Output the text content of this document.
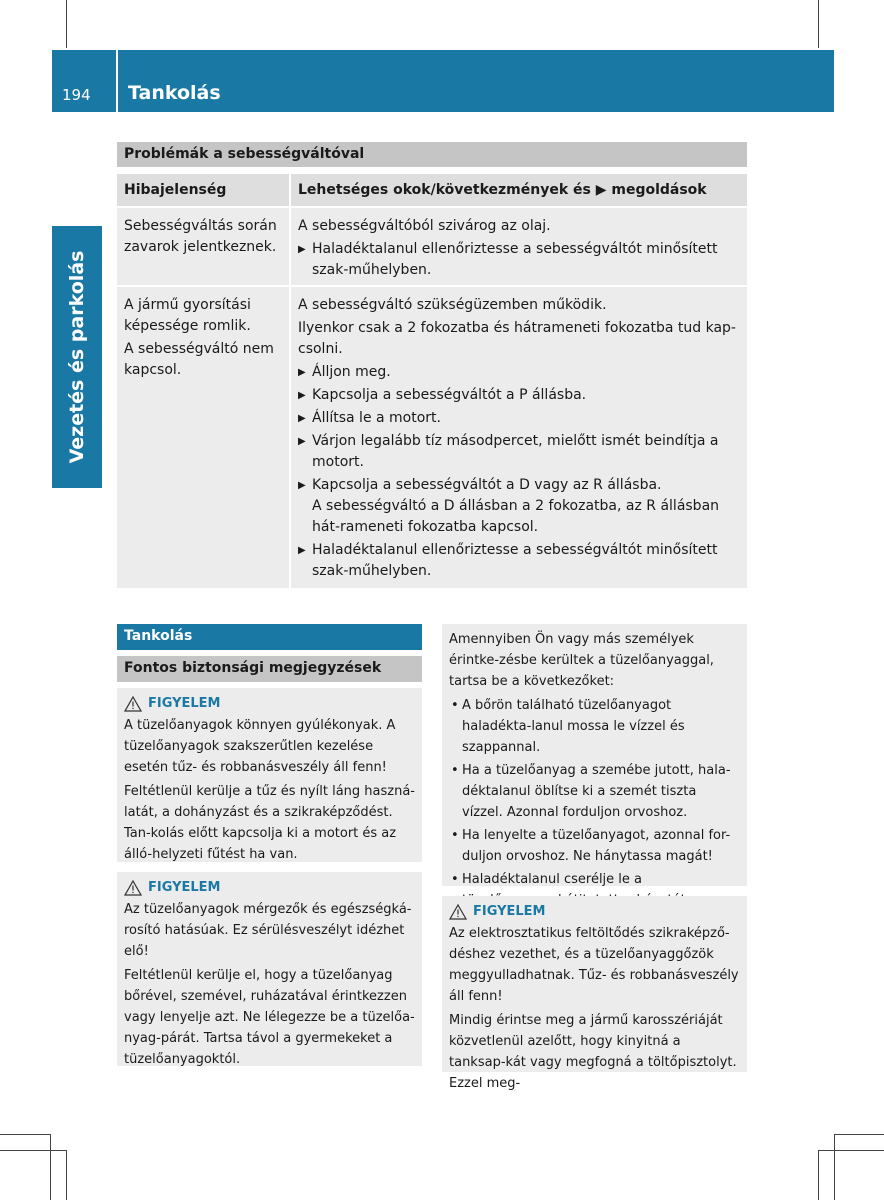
194 Tankolás
Vezetés és parkolás
Problémák a sebességváltóval
Hibajelenség	Lehetséges okok/következmények és ▶ megoldások

Sebességváltás során zavarok jelentkeznek.

A sebességváltóból szivárog az olaj.

▶ Haladéktalanul ellenőriztesse a sebességváltót minősített szak-műhelyben.

A jármű gyorsítási képessége romlik.

A sebességváltó nem kapcsol.

A sebességváltó szükségüzemben működik.

Ilyenkor csak a 2 fokozatba és hátrameneti fokozatba tud kap-csolni.

▶ Álljon meg.
▶ Kapcsolja a sebességváltót a P állásba.
▶ Állítsa le a motort.
▶ Várjon legalább tíz másodpercet, mielőtt ismét beindítja a motort.
▶ Kapcsolja a sebességváltót a D vagy az R állásba.
A sebességváltó a D állásban a 2 fokozatba, az R állásban hát-rameneti fokozatba kapcsol.
▶ Haladéktalanul ellenőriztesse a sebességváltót minősített szak-műhelyben.
Tankolás
Fontos biztonsági megjegyzések
FIGYELEM

A tüzelőanyagok könnyen gyúlékonyak. A tüzelőanyagok szakszerűtlen kezelése esetén tűz- és robbanásveszély áll fenn!

Feltétlenül kerülje a tűz és nyílt láng haszná-latát, a dohányzást és a szikraképződést. Tan-kolás előtt kapcsolja ki a motort és az álló-helyzeti fűtést ha van.

FIGYELEM

Az tüzelőanyagok mérgezők és egészségká-rosító hatásúak. Ez sérülésveszélyt idézhet elő!

Feltétlenül kerülje el, hogy a tüzelőanyag bőrével, szemével, ruházatával érintkezzen vagy lenyelje azt. Ne lélegezze be a tüzelőa-nyag-párát. Tartsa távol a gyermekeket a tüzelőanyagoktól.

Amennyiben Ön vagy más személyek érintke-zésbe kerültek a tüzelőanyaggal, tartsa be a következőket:

• A bőrön található tüzelőanyagot haladékta-lanul mossa le vízzel és szappannal.
• Ha a tüzelőanyag a szemébe jutott, hala-déktalanul öblítse ki a szemét tiszta vízzel. Azonnal forduljon orvoshoz.
• Ha lenyelte a tüzelőanyagot, azonnal for-duljon orvoshoz. Ne hánytassa magát!
• Haladéktalanul cserélje le a
FIGYELEM

Az elektrosztatikus feltöltődés szikraképző-déshez vezethet, és a tüzelőanyaggőzök meggyulladhatnak. Tűz- és robbanásveszély áll fenn!

Mindig érintse meg a jármű karosszériáját közvetlenül azelőtt, hogy kinyitná a tanksap-kát vagy megfogná a töltőpisztolyt. Ezzel meg-
